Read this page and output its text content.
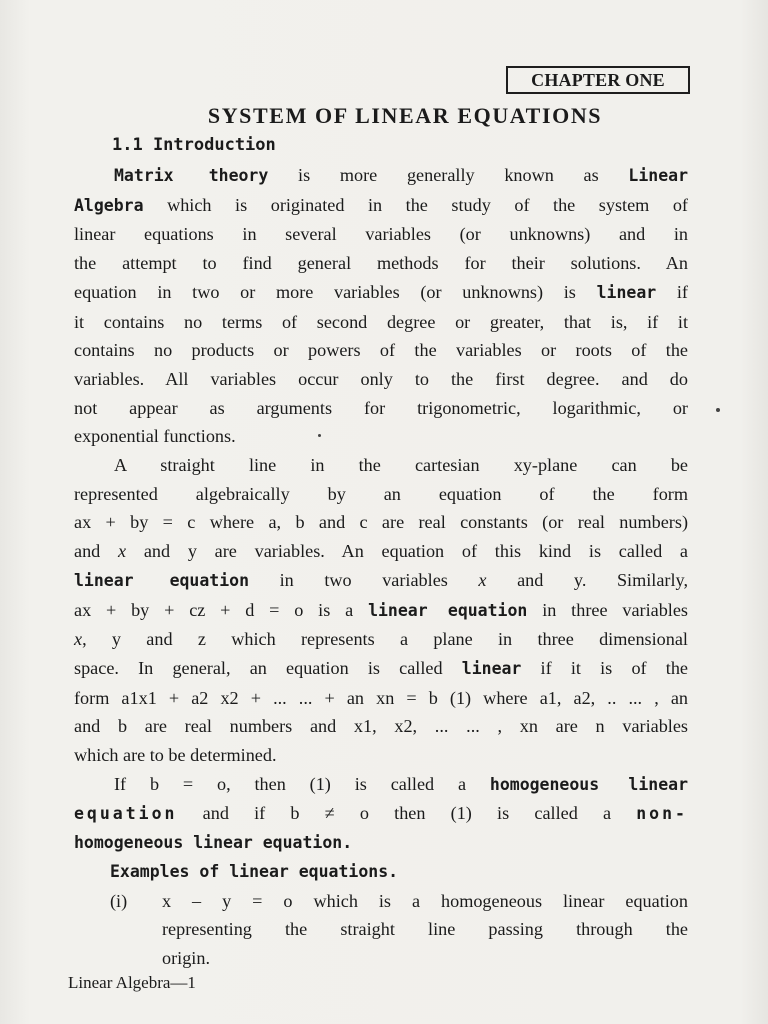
CHAPTER ONE
SYSTEM OF LINEAR EQUATIONS
1.1 Introduction

Matrix theory is more generally known as Linear

Algebra which is originated in the study of the system of

linear equations in several variables (or unknowns) and in

the attempt to find general methods for their solutions. An

equation in two or more variables (or unknowns) is linear if

it contains no terms of second degree or greater, that is, if it

contains no products or powers of the variables or roots of the

variables. All variables occur only to the first degree. and do

not appear as arguments for trigonometric, logarithmic, or

exponential functions.

A straight line in the cartesian xy-plane can be

represented algebraically by an equation of the form

ax + by = c where a, b and c are real constants (or real numbers)

and x and y are variables. An equation of this kind is called a

linear equation in two variables x and y. Similarly,

ax + by + cz + d = o is a linear equation in three variables

x, y and z which represents a plane in three dimensional

space. In general, an equation is called linear if it is of the

form a1x1 + a2 x2 + ... ... + an xn = b (1) where a1, a2, .. ... , an

and b are real numbers and x1, x2, ... ... , xn are n variables

which are to be determined.

If b = o, then (1) is called a homogeneous linear

equation and if b ≠ o then (1) is called a non-

homogeneous linear equation.

Examples of linear equations.

(i) x – y = o which is a homogeneous linear equation

representing the straight line passing through the

origin.

Linear Algebra—1
